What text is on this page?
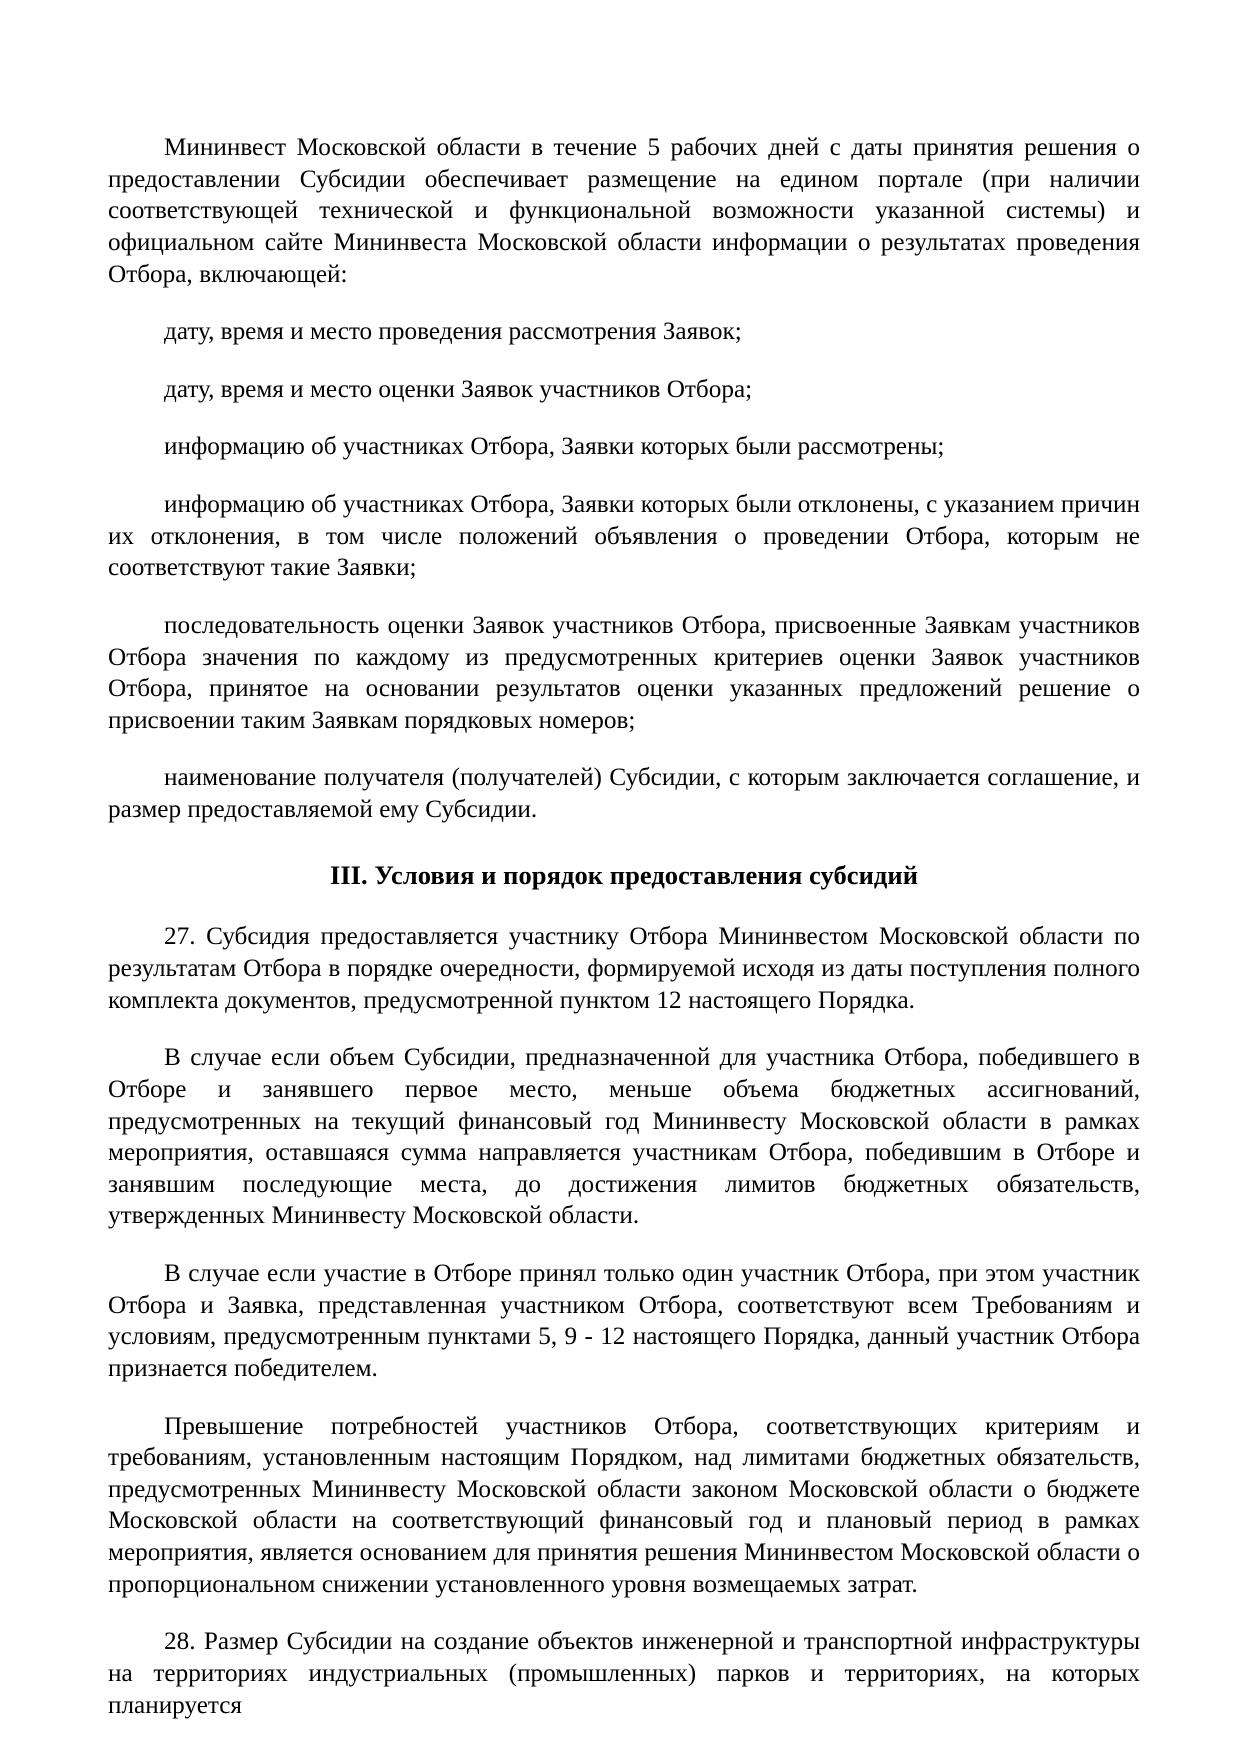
Мининвест Московской области в течение 5 рабочих дней с даты принятия решения о предоставлении Субсидии обеспечивает размещение на едином портале (при наличии соответствующей технической и функциональной возможности указанной системы) и официальном сайте Мининвеста Московской области информации о результатах проведения Отбора, включающей:

дату, время и место проведения рассмотрения Заявок;

дату, время и место оценки Заявок участников Отбора;

информацию об участниках Отбора, Заявки которых были рассмотрены;

информацию об участниках Отбора, Заявки которых были отклонены, с указанием причин их отклонения, в том числе положений объявления о проведении Отбора, которым не соответствуют такие Заявки;

последовательность оценки Заявок участников Отбора, присвоенные Заявкам участников Отбора значения по каждому из предусмотренных критериев оценки Заявок участников Отбора, принятое на основании результатов оценки указанных предложений решение о присвоении таким Заявкам порядковых номеров;

наименование получателя (получателей) Субсидии, с которым заключается соглашение, и размер предоставляемой ему Субсидии.

III. Условия и порядок предоставления субсидий

27. Субсидия предоставляется участнику Отбора Мининвестом Московской области по результатам Отбора в порядке очередности, формируемой исходя из даты поступления полного комплекта документов, предусмотренной пунктом 12 настоящего Порядка.

В случае если объем Субсидии, предназначенной для участника Отбора, победившего в Отборе и занявшего первое место, меньше объема бюджетных ассигнований, предусмотренных на текущий финансовый год Мининвесту Московской области в рамках мероприятия, оставшаяся сумма направляется участникам Отбора, победившим в Отборе и занявшим последующие места, до достижения лимитов бюджетных обязательств, утвержденных Мининвесту Московской области.

В случае если участие в Отборе принял только один участник Отбора, при этом участник Отбора и Заявка, представленная участником Отбора, соответствуют всем Требованиям и условиям, предусмотренным пунктами 5, 9 - 12 настоящего Порядка, данный участник Отбора признается победителем.

Превышение потребностей участников Отбора, соответствующих критериям и требованиям, установленным настоящим Порядком, над лимитами бюджетных обязательств, предусмотренных Мининвесту Московской области законом Московской области о бюджете Московской области на соответствующий финансовый год и плановый период в рамках мероприятия, является основанием для принятия решения Мининвестом Московской области о пропорциональном снижении установленного уровня возмещаемых затрат.

28. Размер Субсидии на создание объектов инженерной и транспортной инфраструктуры на территориях индустриальных (промышленных) парков и территориях, на которых планируется
